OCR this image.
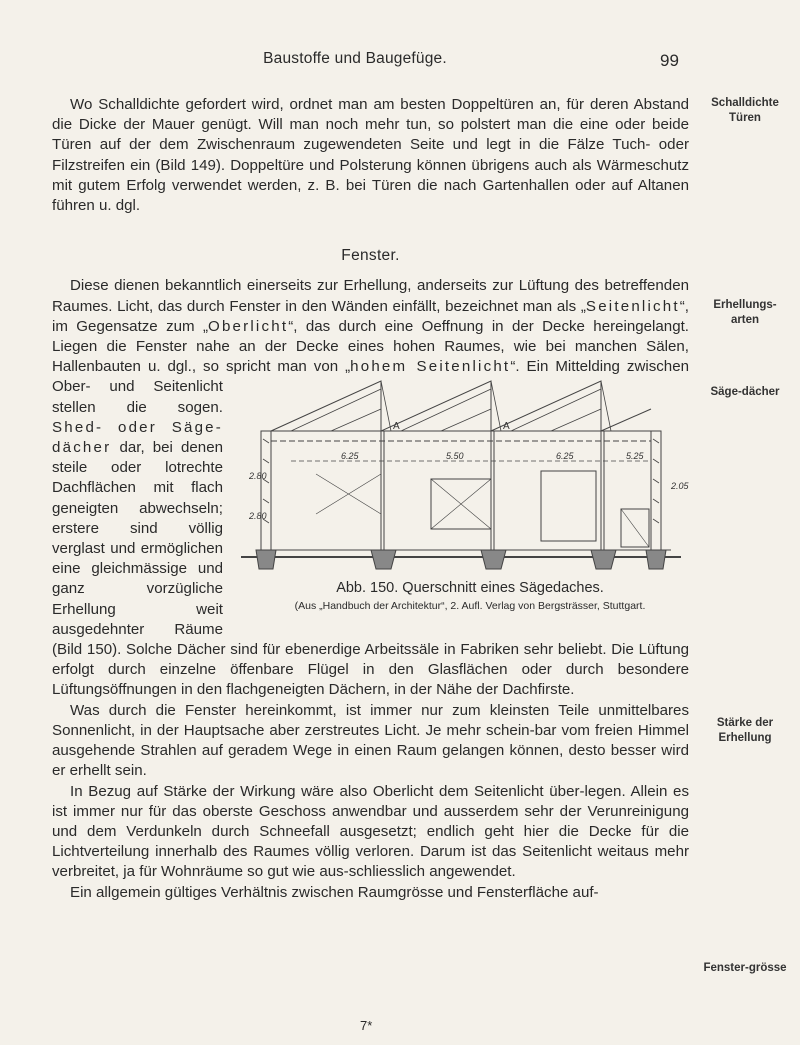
Baustoffe und Baugefüge.	99
Schalldichte Türen
Erhellungs-arten
Säge-dächer
Stärke der Erhellung
Fenster-grösse

Wo Schalldichte gefordert wird, ordnet man am besten Doppeltüren an, für deren Abstand die Dicke der Mauer genügt. Will man noch mehr tun, so polstert man die eine oder beide Türen auf der dem Zwischenraum zugewendeten Seite und legt in die Fälze Tuch- oder Filzstreifen ein (Bild 149). Doppeltüre und Polsterung können übrigens auch als Wärmeschutz mit gutem Erfolg verwendet werden, z. B. bei Türen die nach Gartenhallen oder auf Altanen führen u. dgl.

Fenster.

Diese dienen bekanntlich einerseits zur Erhellung, anderseits zur Lüftung des betreffenden Raumes. Licht, das durch Fenster in den Wänden einfällt, bezeichnet man als „Seitenlicht“, im Gegensatze zum „Oberlicht“, das durch eine Oeffnung in der Decke hereingelangt. Liegen die Fenster nahe an der Decke eines hohen Raumes, wie bei manchen Sälen, Hallenbauten u. dgl., so spricht man von „hohem Seitenlicht
6.25	5.50	6.25	5.25
2.80
2.80
2.05
A	A
Abb. 150. Querschnitt eines Sägedaches.
(Aus „Handbuch der Architektur“, 2. Aufl. Verlag von Bergsträsser, Stuttgart.
“. Ein Mittelding zwischen Ober- und Seitenlicht stellen die sogen. Shed- oder Säge-dächer dar, bei denen steile oder lotrechte Dachflächen mit flach geneigten abwechseln; erstere sind völlig verglast und ermöglichen eine gleichmässige und ganz vorzügliche Erhellung weit ausgedehnter Räume (Bild 150). Solche Dächer sind für ebenerdige Arbeitssäle in Fabriken sehr beliebt. Die Lüftung erfolgt durch einzelne öffenbare Flügel in den Glasflächen oder durch besondere Lüftungsöffnungen in den flachgeneigten Dächern, in der Nähe der Dachfirste.

Was durch die Fenster hereinkommt, ist immer nur zum kleinsten Teile unmittelbares Sonnenlicht, in der Hauptsache aber zerstreutes Licht. Je mehr schein-bar vom freien Himmel ausgehende Strahlen auf geradem Wege in einen Raum gelangen können, desto besser wird er erhellt sein.

In Bezug auf Stärke der Wirkung wäre also Oberlicht dem Seitenlicht über-legen. Allein es ist immer nur für das oberste Geschoss anwendbar und ausserdem sehr der Verunreinigung und dem Verdunkeln durch Schneefall ausgesetzt; endlich geht hier die Decke für die Lichtverteilung innerhalb des Raumes völlig verloren. Darum ist das Seitenlicht weitaus mehr verbreitet, ja für Wohnräume so gut wie aus-schliesslich angewendet.

Ein allgemein gültiges Verhältnis zwischen Raumgrösse und Fensterfläche auf-

7*
